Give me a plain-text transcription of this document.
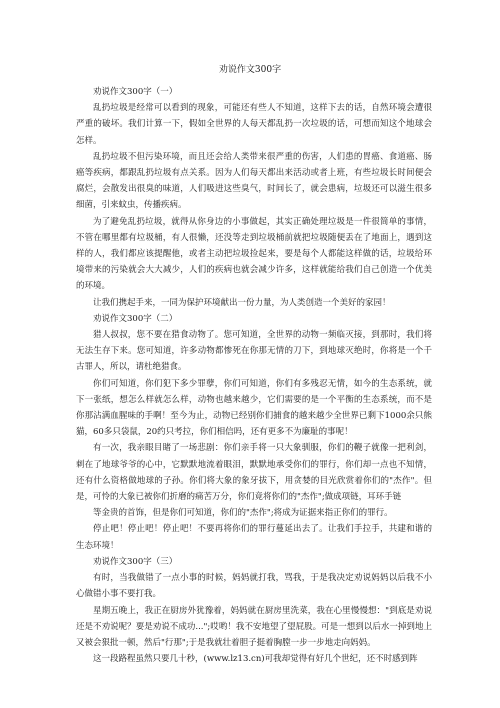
劝说作文300字

劝说作文300字（一）

乱扔垃圾是经常可以看到的现象，可能还有些人不知道，这样下去的话，自然环境会遭很严重的破坏。我们计算一下，假如全世界的人每天都乱扔一次垃圾的话，可想而知这个地球会怎样。

乱扔垃圾不但污染环境，而且还会给人类带来很严重的伤害，人们患的胃癌、食道癌、肠癌等疾病，都跟乱扔垃圾有点关系。因为人们每天都出来活动或者上班，有些垃圾长时间便会腐烂，会散发出很臭的味道，人们吸进这些臭气，时间长了，就会患病，垃圾还可以滋生很多细菌，引来蚊虫，传播疾病。

为了避免乱扔垃圾，就得从你身边的小事做起，其实正确处理垃圾是一件很简单的事情，不管在哪里都有垃圾桶，有人很懒，还没等走到垃圾桶前就把垃圾随便丢在了地面上，遇到这样的人，我们都应该提醒他，或者主动把垃圾捡起来，要是每个人都能这样做的话，垃圾给环境带来的污染就会大大减少，人们的疾病也就会减少许多，这样就能给我们自己创造一个优美的环境。

让我们携起手来，一同为保护环境献出一份力量，为人类创造一个美好的家园！

劝说作文300字（二）

猎人叔叔，您不要在猎食动物了。您可知道，全世界的动物一频临灭接，到那时，我们将无法生存下来。您可知道，许多动物都惨死在你那无情的刀下，到地球灭绝时，你将是一个千古罪人，所以，请杜绝猎食。

你们可知道，你们犯下多少罪孽，你们可知道，你们有多残忍无情，如今的生态系统，就下一张纸，想怎么样就怎么样，动物也越来越少，它们需要的是一个平衡的生态系统，而不是你那沾满血腥味的手啊！至今为止，动物已经别你们捕食的越来越少全世界已剩下1000余只熊猫，60多只袋鼠，20约只考拉，你们相信吗，还有更多不为廉耻的事呢！

有一次，我亲眼目睹了一场悲剧：你们亲手将一只大象驯服，你们的鞭子就像一把利剑，刺在了地球爷爷的心中，它默默地流着眼泪，默默地承受你们的罪行，你们却一点也不知情，还有什么资格做地球的子孙。你们将大象的象牙拔下，用贪婪的目光欣赏着你们的"杰作"。但是，可怜的大象已被你们折磨的痛苦万分，你们竟将你们的"杰作";做成项链，耳环手链

等金贵的首饰，但是你们可知道，你们的"杰作";将成为证据来指正你们的罪行。

停止吧！停止吧！停止吧！不要再将你们的罪行蔓延出去了。让我们手拉手，共建和谐的生态环境！

劝说作文300字（三）

有时，当我做错了一点小事的时候，妈妈就打我，骂我，于是我决定劝说妈妈以后我不小心做错小事不要打我。

星期五晚上，我正在厨房外犹豫着，妈妈就在厨房里洗菜，我在心里慢慢想："到底是劝说还是不劝说呢？要是劝说不成功...";哎哟！我不安地望了望屁股。可是一想到以后水一掉到地上又被会狠批一顿，然后"行那";于是我就壮着胆子挺着胸膛一步一步地走向妈妈。

这一段路程虽然只要几十秒，(www.lz13.cn)可我却觉得有好几个世纪，还不时感到阵
